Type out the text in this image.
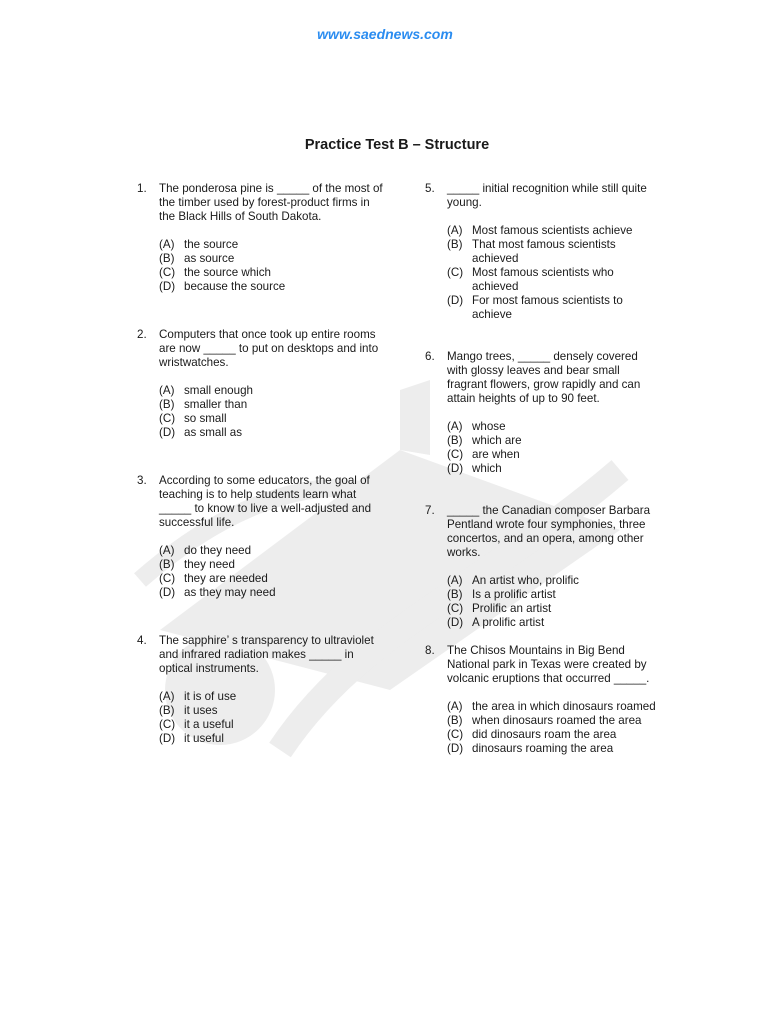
www.saednews.com
Practice Test B – Structure
1. The ponderosa pine is _____ of the most of the timber used by forest-product firms in the Black Hills of South Dakota.

(A) the source
(B) as source
(C) the source which
(D) because the source
2. Computers that once took up entire rooms are now _____ to put on desktops and into wristwatches.

(A) small enough
(B) smaller than
(C) so small
(D) as small as
3. According to some educators, the goal of teaching is to help students learn what _____ to know to live a well-adjusted and successful life.

(A) do they need
(B) they need
(C) they are needed
(D) as they may need
4. The sapphire’ s transparency to ultraviolet and infrared radiation makes _____ in optical instruments.

(A) it is of use
(B) it uses
(C) it a useful
(D) it useful
5. _____ initial recognition while still quite young.

(A) Most famous scientists achieve
(B) That most famous scientists achieved
(C) Most famous scientists who achieved
(D) For most famous scientists to achieve
6. Mango trees, _____ densely covered with glossy leaves and bear small fragrant flowers, grow rapidly and can attain heights of up to 90 feet.

(A) whose
(B) which are
(C) are when
(D) which
7. _____ the Canadian composer Barbara Pentland wrote four symphonies, three concertos, and an opera, among other works.

(A) An artist who, prolific
(B) Is a prolific artist
(C) Prolific an artist
(D) A prolific artist
8. The Chisos Mountains in Big Bend National park in Texas were created by volcanic eruptions that occurred _____.

(A) the area in which dinosaurs roamed
(B) when dinosaurs roamed the area
(C) did dinosaurs roam the area
(D) dinosaurs roaming the area
